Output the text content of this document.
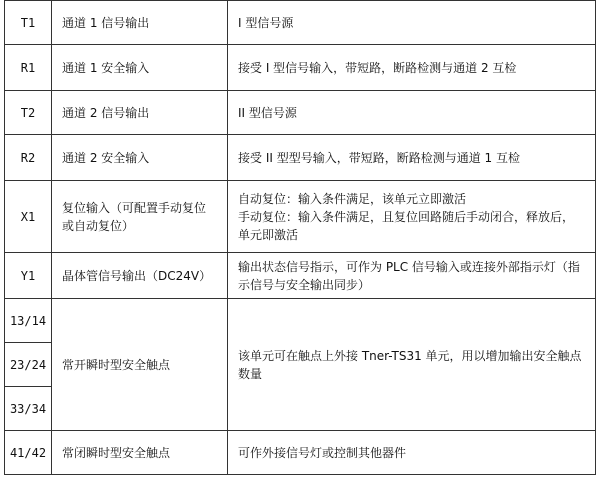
T1	通道 1 信号输出	I 型信号源
R1	通道 1 安全输入	接受 I 型信号输入，带短路，断路检测与通道 2 互检
T2	通道 2 信号输出	II 型信号源
R2	通道 2 安全输入	接受 II 型型号输入，带短路，断路检测与通道 1 互检
X1	复位输入（可配置手动复位或自动复位）	自动复位：输入条件满足，该单元立即激活
手动复位：输入条件满足，且复位回路随后手动闭合，释放后，单元即激活
Y1	晶体管信号输出（DC24V）	输出状态信号指示，可作为 PLC 信号输入或连接外部指示灯（指示信号与安全输出同步）
13/14	常开瞬时型安全触点	该单元可在触点上外接 Tner-TS31 单元，用以增加输出安全触点数量
23/24		
33/34		
41/42	常闭瞬时型安全触点	可作外接信号灯或控制其他器件
